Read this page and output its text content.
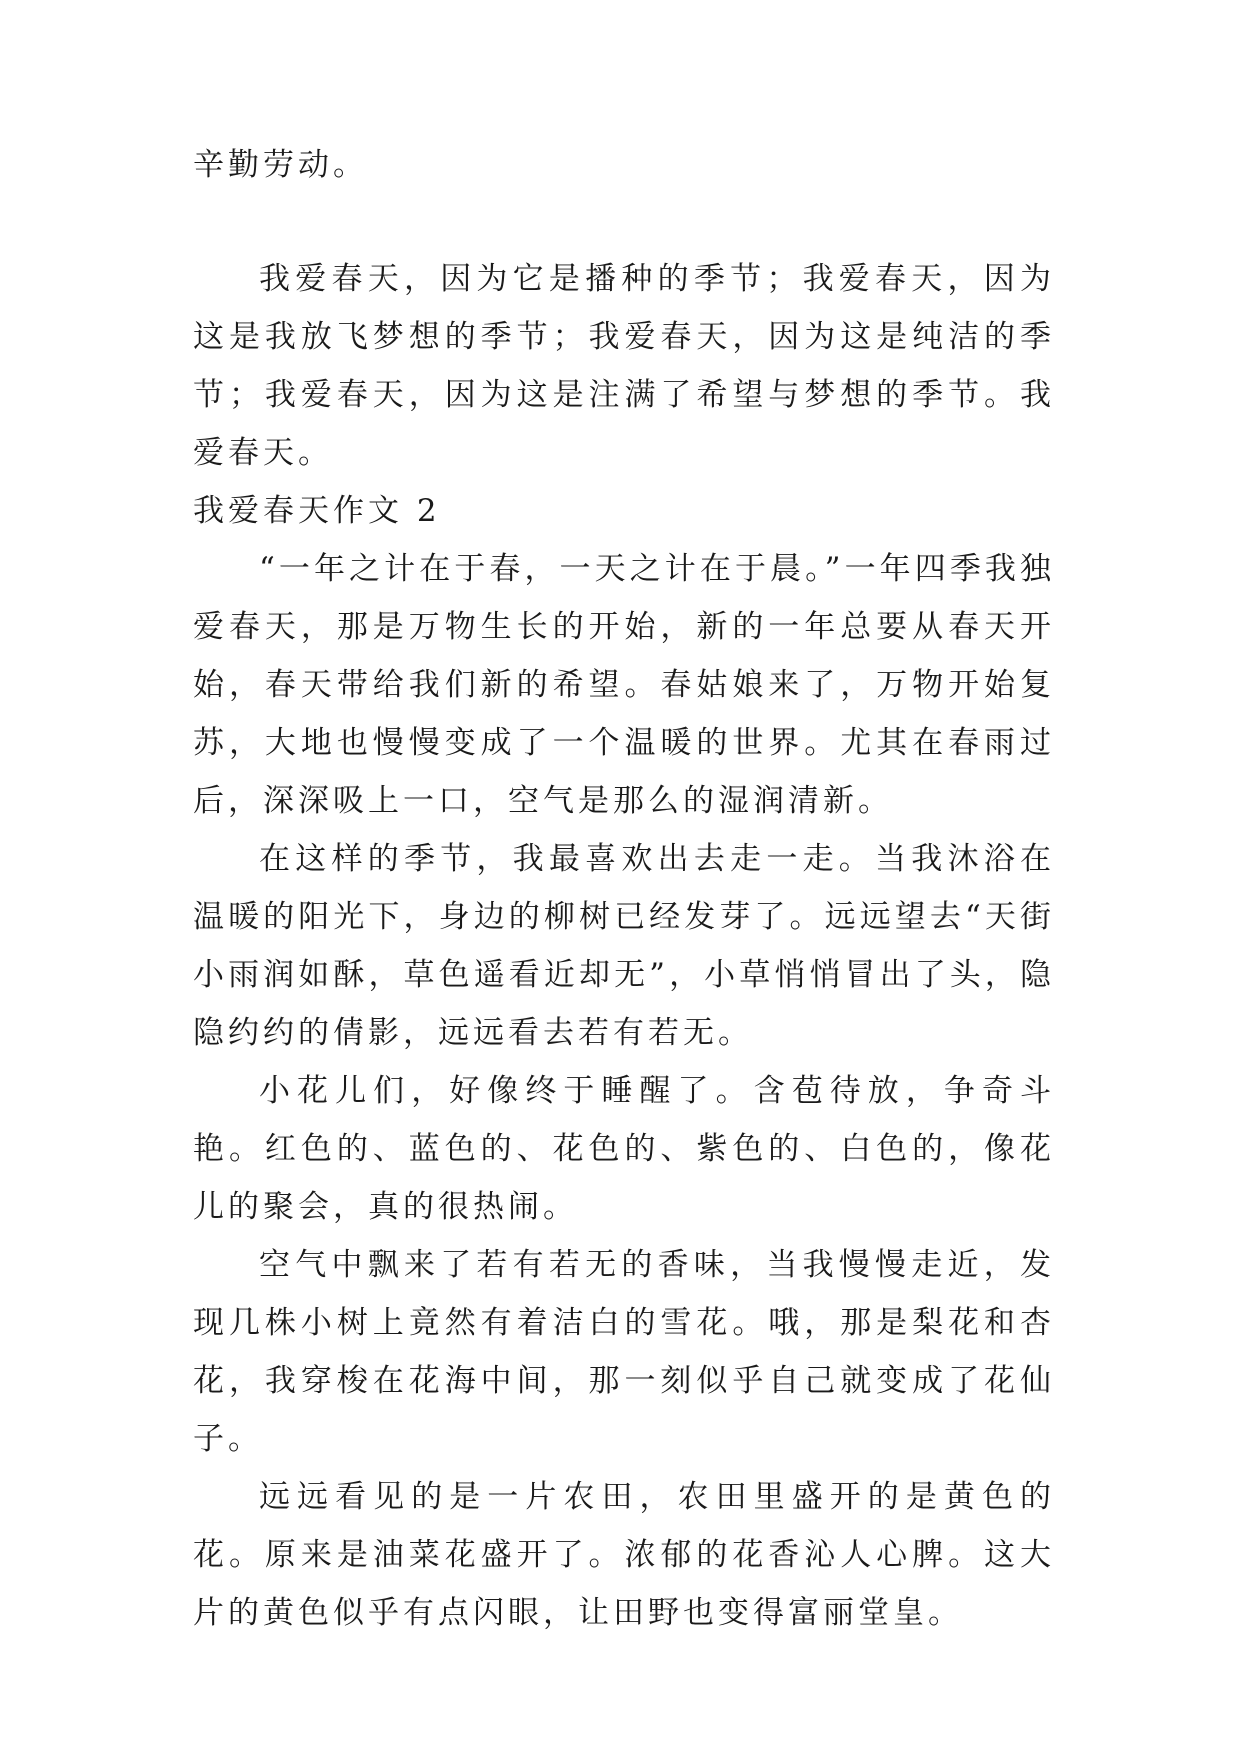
辛勤劳动。

我爱春天，因为它是播种的季节；我爱春天，因为这是我放飞梦想的季节；我爱春天，因为这是纯洁的季节；我爱春天，因为这是注满了希望与梦想的季节。我爱春天。

我爱春天作文 2

“一年之计在于春，一天之计在于晨。”一年四季我独爱春天，那是万物生长的开始，新的一年总要从春天开始，春天带给我们新的希望。春姑娘来了，万物开始复苏，大地也慢慢变成了一个温暖的世界。尤其在春雨过后，深深吸上一口，空气是那么的湿润清新。

在这样的季节，我最喜欢出去走一走。当我沐浴在温暖的阳光下，身边的柳树已经发芽了。远远望去“天街小雨润如酥，草色遥看近却无”，小草悄悄冒出了头，隐隐约约的倩影，远远看去若有若无。

小花儿们，好像终于睡醒了。含苞待放，争奇斗艳。红色的、蓝色的、花色的、紫色的、白色的，像花儿的聚会，真的很热闹。

空气中飘来了若有若无的香味，当我慢慢走近，发现几株小树上竟然有着洁白的雪花。哦，那是梨花和杏花，我穿梭在花海中间，那一刻似乎自己就变成了花仙子。

远远看见的是一片农田，农田里盛开的是黄色的花。原来是油菜花盛开了。浓郁的花香沁人心脾。这大片的黄色似乎有点闪眼，让田野也变得富丽堂皇。
